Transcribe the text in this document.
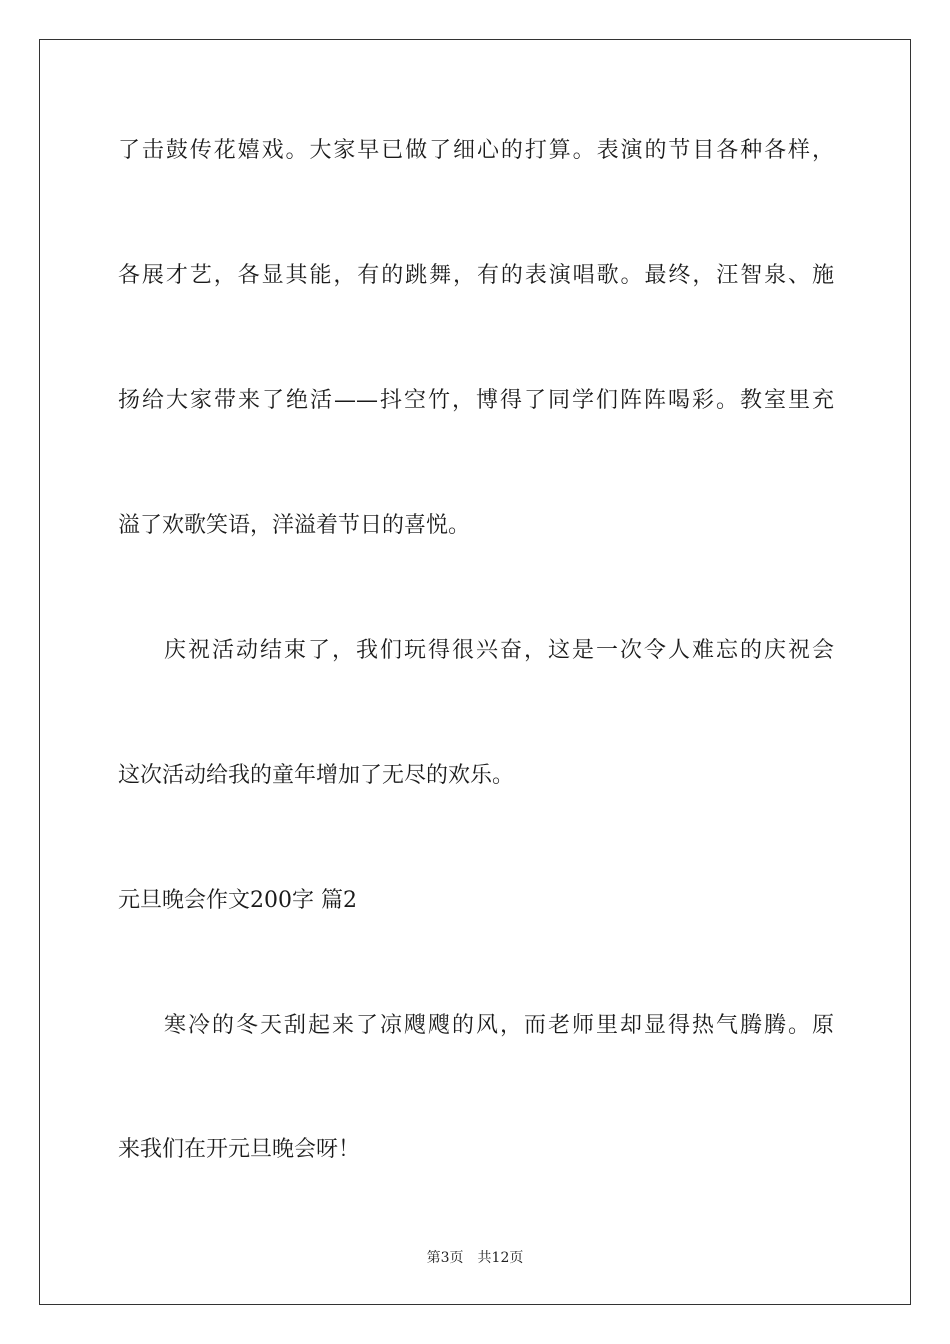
了击鼓传花嬉戏。大家早已做了细心的打算。表演的节目各种各样，
各展才艺，各显其能，有的跳舞，有的表演唱歌。最终，汪智泉、施
扬给大家带来了绝活——抖空竹，博得了同学们阵阵喝彩。教室里充
溢了欢歌笑语，洋溢着节日的喜悦。
庆祝活动结束了，我们玩得很兴奋，这是一次令人难忘的庆祝会
这次活动给我的童年增加了无尽的欢乐。
元旦晚会作文200字 篇2
寒冷的冬天刮起来了凉飕飕的风，而老师里却显得热气腾腾。原
来我们在开元旦晚会呀！
第3页 共12页
